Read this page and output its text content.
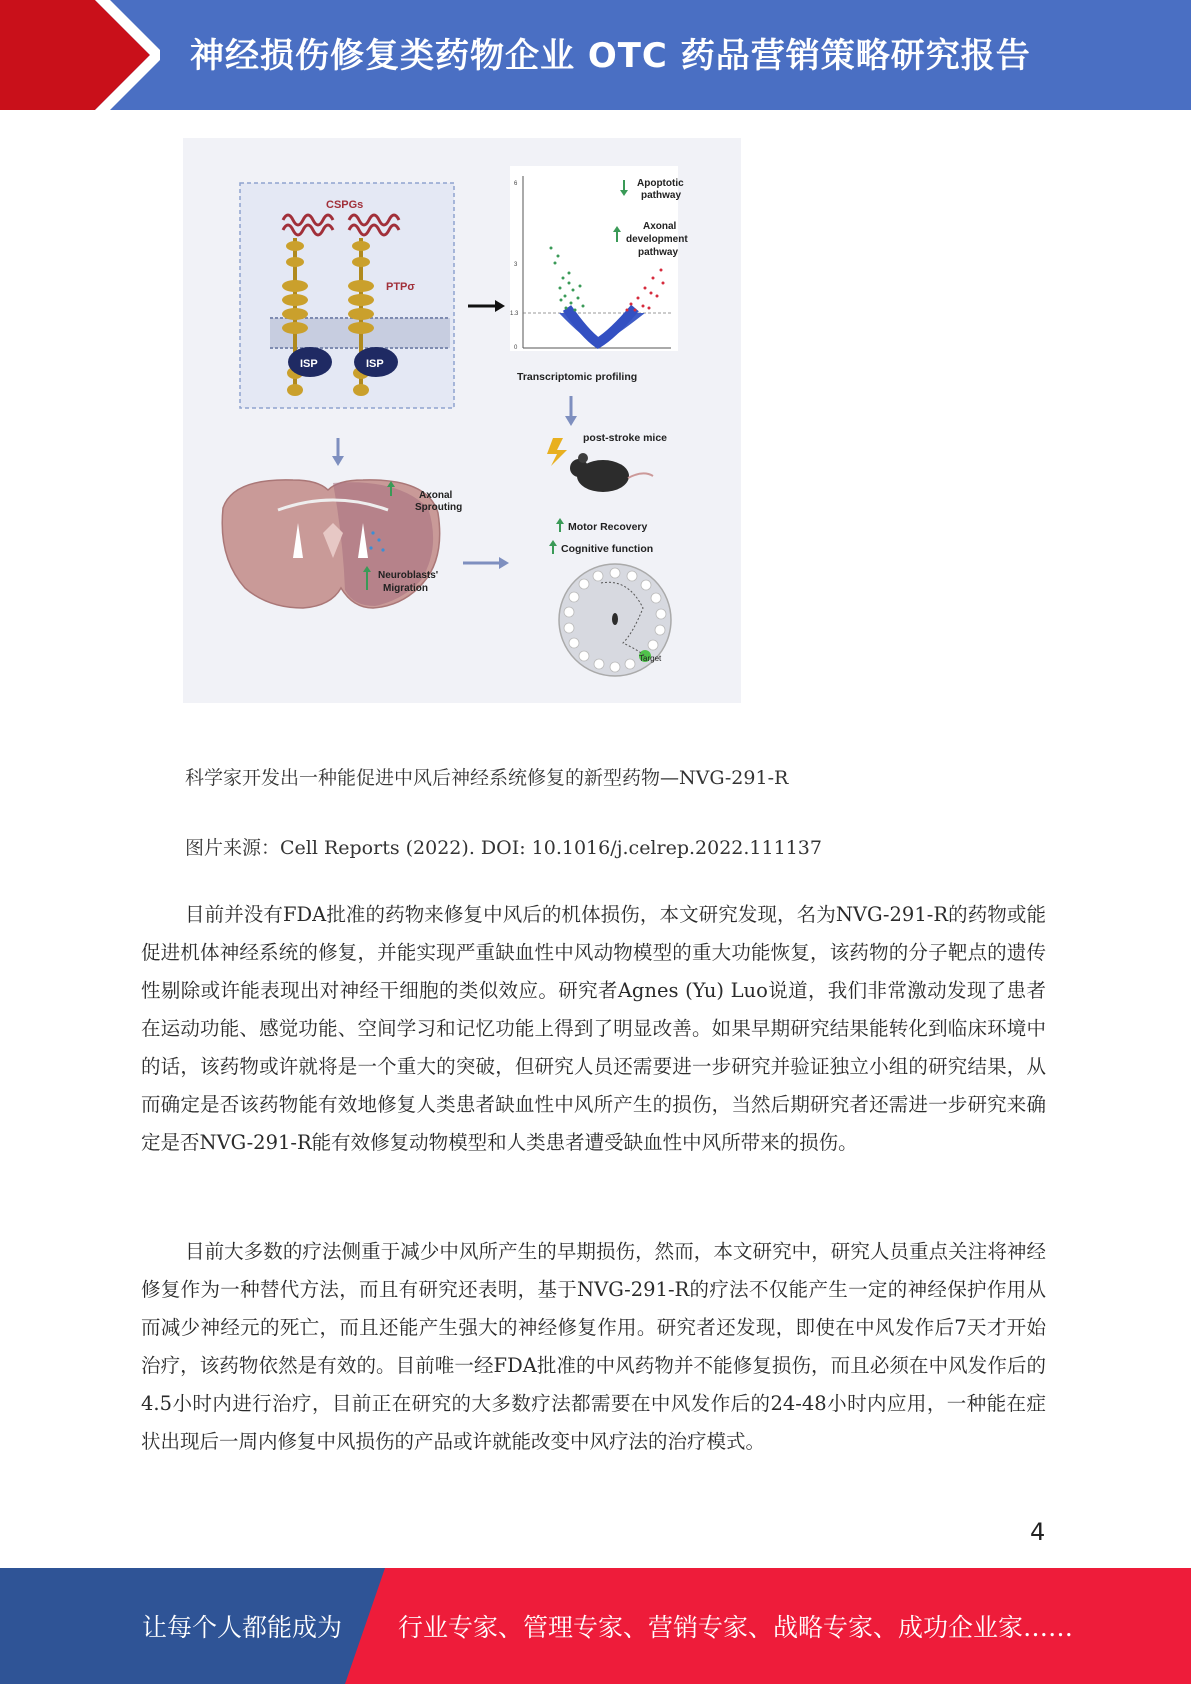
神经损伤修复类药物企业 OTC 药品营销策略研究报告
CSPGs
ISP	ISP
PTPσ
6
3
1.3
0
Apoptotic pathway
Axonal development pathway
Transcriptomic profiling
post-stroke mice
Axonal Sprouting
Neuroblasts' Migration
Motor Recovery
Cognitive function
Target
科学家开发出一种能促进中风后神经系统修复的新型药物—NVG-291-R
图片来源：Cell Reports (2022). DOI: 10.1016/j.celrep.2022.111137

目前并没有FDA批准的药物来修复中风后的机体损伤，本文研究发现，名为NVG-291-R的药物或能促进机体神经系统的修复，并能实现严重缺血性中风动物模型的重大功能恢复，该药物的分子靶点的遗传性剔除或许能表现出对神经干细胞的类似效应。研究者Agnes (Yu) Luo说道，我们非常激动发现了患者在运动功能、感觉功能、空间学习和记忆功能上得到了明显改善。如果早期研究结果能转化到临床环境中的话，该药物或许就将是一个重大的突破，但研究人员还需要进一步研究并验证独立小组的研究结果，从而确定是否该药物能有效地修复人类患者缺血性中风所产生的损伤，当然后期研究者还需进一步研究来确定是否NVG-291-R能有效修复动物模型和人类患者遭受缺血性中风所带来的损伤。

目前大多数的疗法侧重于减少中风所产生的早期损伤，然而，本文研究中，研究人员重点关注将神经修复作为一种替代方法，而且有研究还表明，基于NVG-291-R的疗法不仅能产生一定的神经保护作用从而减少神经元的死亡，而且还能产生强大的神经修复作用。研究者还发现，即使在中风发作后7天才开始治疗，该药物依然是有效的。目前唯一经FDA批准的中风药物并不能修复损伤，而且必须在中风发作后的4.5小时内进行治疗，目前正在研究的大多数疗法都需要在中风发作后的24-48小时内应用，一种能在症状出现后一周内修复中风损伤的产品或许就能改变中风疗法的治疗模式。

4
让每个人都能成为 行业专家、管理专家、营销专家、战略专家、成功企业家……
